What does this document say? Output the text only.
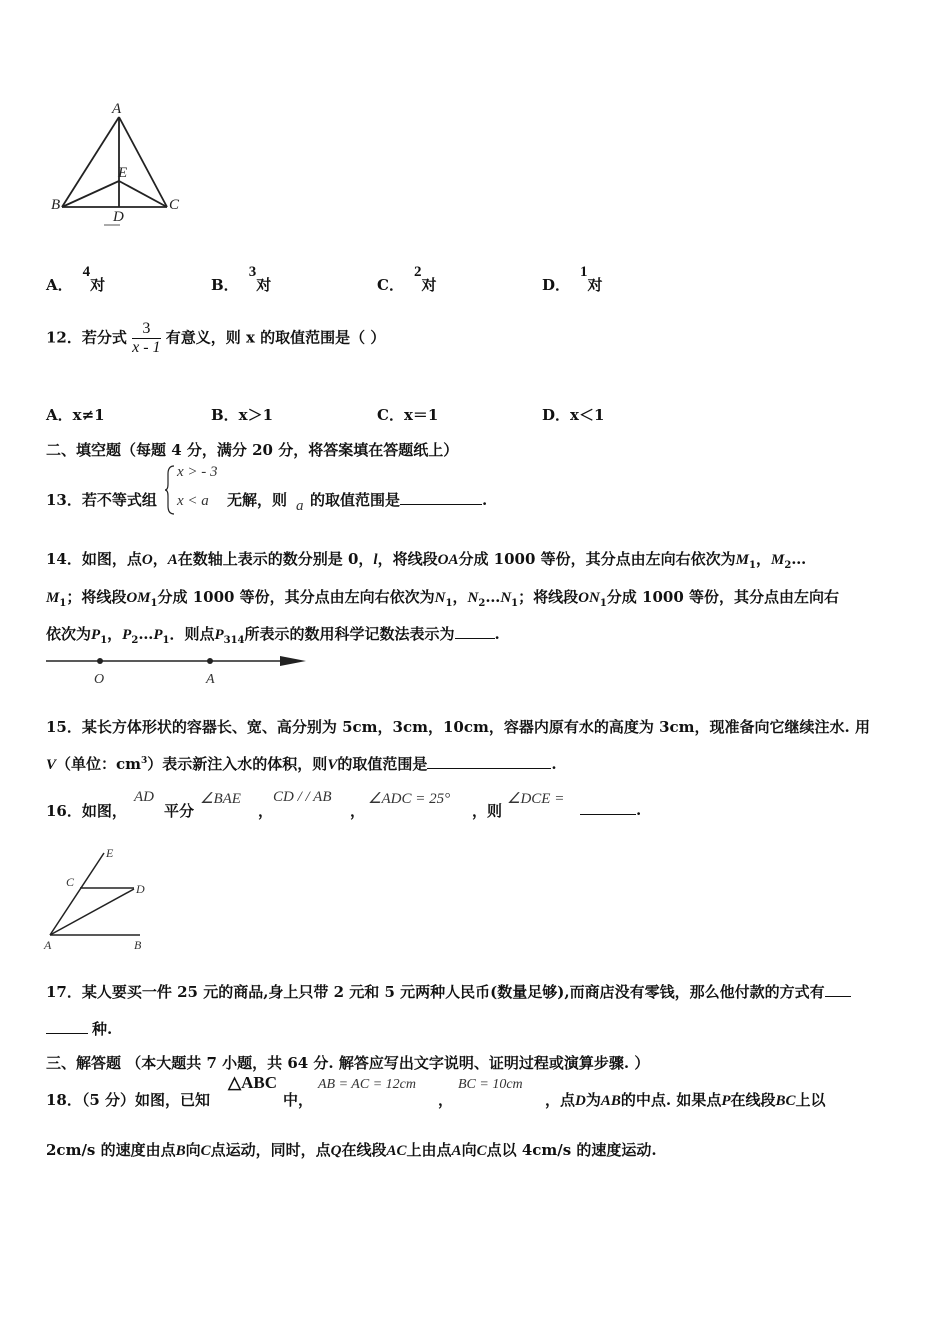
A
B	C
E
D
A．4对	B．3对	C．2对	D．1对
12．若分式 $\frac{3}{x - 1}$ 有意义，则 x 的取值范围是（ ）
A．x≠1	B．x＞1	C．x＝1	D．x＜1
二、填空题（每题 4 分，满分 20 分，将答案填在答题纸上）
13．若不等式组
x > - 3
x < a 无解，则 a 的取值范围是	.
14．如图，点O，A在数轴上表示的数分别是 0，l，将线段OA分成 1000 等份，其分点由左向右依次为$M_1$，$M_2\dots$
$M_1$；将线段$OM_1$分成 1000 等份，其分点由左向右依次为$N_1$，$N_2\dots N_1$；将线段$ON_1$分成 1000 等份，其分点由左向右
依次为$P_1$，$P_2\dots P_1$．则点$P_{314}$所表示的数用科学记数法表示为	.
O	A
15．某长方体形状的容器长、宽、高分别为 5cm，3cm，10cm，容器内原有水的高度为 3cm，现准备向它继续注水. 用
V（单位：$cm^3$）表示新注入水的体积，则V的取值范围是	.
16．如图，
AD
平分
∠BAE
，
CD / / AB
，
∠ADC = 25°
，则
∠DCE =
.
E
C	D
A	B
17．某人要买一件 25 元的商品,身上只带 2 元和 5 元两种人民币(数量足够),而商店没有零钱，那么他付款的方式有
种.
三、解答题 （本大题共 7 小题，共 64 分. 解答应写出文字说明、证明过程或演算步骤. ）
18．（5 分）如图，已知
△ABC
中，
AB = AC = 12cm
，
BC = 10cm
，点D为AB的中点. 如果点P在线段BC上以
2cm/s 的速度由点B向C点运动，同时，点Q在线段AC上由点A向C点以 4cm/s 的速度运动.
